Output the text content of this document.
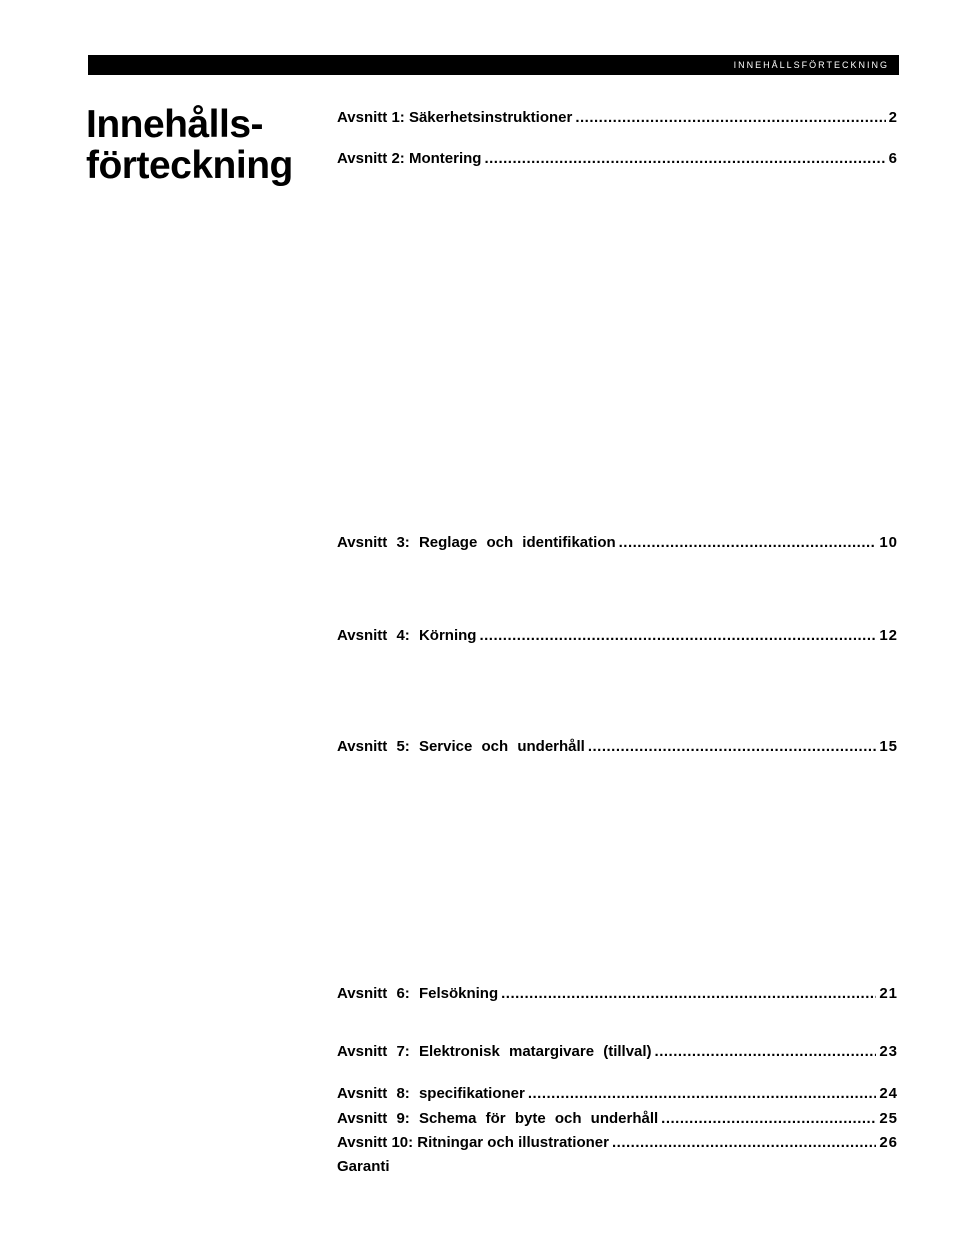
INNEHÅLLSFÖRTECKNING
Innehålls-
förteckning
Avsnitt 1: Säkerhetsinstruktioner .....	2
Avsnitt 2: Montering .....	6
Avsnitt 3: Reglage och identifikation .....	10
Avsnitt 4: Körning .....	12
Avsnitt 5: Service och underhåll .....	15
Avsnitt 6: Felsökning .....	21
Avsnitt 7: Elektronisk matargivare (tillval) .....	23
Avsnitt 8: specifikationer .....	24
Avsnitt 9: Schema för byte och underhåll .....	25
Avsnitt 10: Ritningar och illustrationer .....	26
Garanti
